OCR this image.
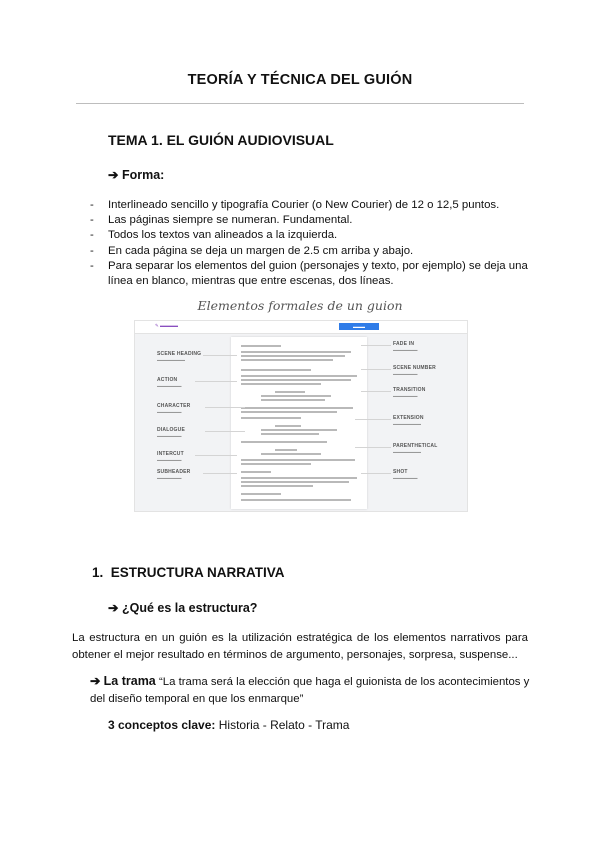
TEORÍA Y TÉCNICA DEL GUIÓN
TEMA 1. EL GUIÓN AUDIOVISUAL
➔ Forma:
- Interlineado sencillo y tipografía Courier (o New Courier) de 12 o 12,5 puntos.
- Las páginas siempre se numeran. Fundamental.
- Todos los textos van alineados a la izquierda.
- En cada página se deja un margen de 2.5 cm arriba y abajo.
- Para separar los elementos del guion (personajes y texto, por ejemplo) se deja una línea en blanco, mientras que entre escenas, dos líneas.
Elementos formales de un guion
✎ ▬▬▬▬	▬▬▬
SCENE HEADING
▬▬▬▬▬▬▬▬
ACTION
▬▬▬▬▬▬▬
CHARACTER
▬▬▬▬▬▬▬
DIALOGUE
▬▬▬▬▬▬▬
INTERCUT
▬▬▬▬▬▬▬
SUBHEADER
▬▬▬▬▬▬▬
FADE IN
▬▬▬▬▬▬▬
SCENE NUMBER
▬▬▬▬▬▬▬
TRANSITION
▬▬▬▬▬▬▬
EXTENSION
▬▬▬▬▬▬▬▬
PARENTHETICAL
▬▬▬▬▬▬▬▬
SHOT
▬▬▬▬▬▬▬
1. ESTRUCTURA NARRATIVA
➔ ¿Qué es la estructura?
La estructura en un guión es la utilización estratégica de los elementos narrativos para obtener el mejor resultado en términos de argumento, personajes, sorpresa, suspense...
➔ La trama “La trama será la elección que haga el guionista de los acontecimientos y del diseño temporal en que los enmarque”
3 conceptos clave: Historia - Relato - Trama
